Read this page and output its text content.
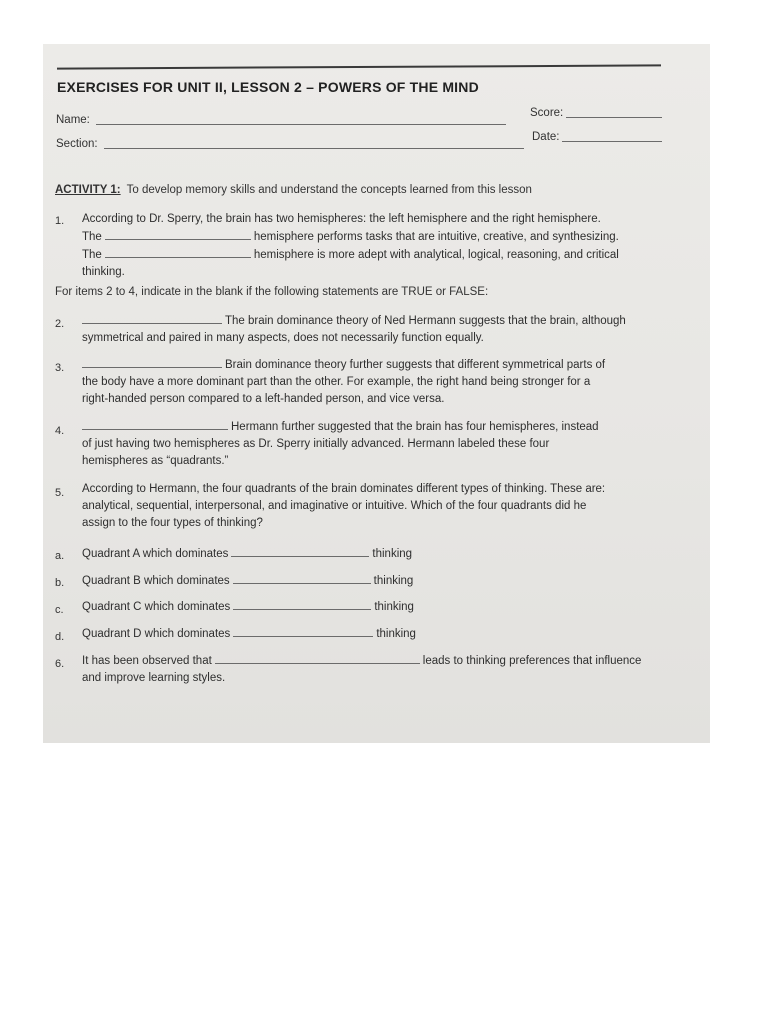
EXERCISES FOR UNIT II, LESSON 2 – POWERS OF THE MIND
Name:
Section:
Score:
Date:
ACTIVITY 1: To develop memory skills and understand the concepts learned from this lesson
1. According to Dr. Sperry, the brain has two hemispheres: the left hemisphere and the right hemisphere.
The	hemisphere performs tasks that are intuitive, creative, and synthesizing.
The	hemisphere is more adept with analytical, logical, reasoning, and critical
thinking.
For items 2 to 4, indicate in the blank if the following statements are TRUE or FALSE:
2.	The brain dominance theory of Ned Hermann suggests that the brain, although
symmetrical and paired in many aspects, does not necessarily function equally.
3.	Brain dominance theory further suggests that different symmetrical parts of
the body have a more dominant part than the other. For example, the right hand being stronger for a
right-handed person compared to a left-handed person, and vice versa.
4.	Hermann further suggested that the brain has four hemispheres, instead
of just having two hemispheres as Dr. Sperry initially advanced. Hermann labeled these four
hemispheres as “quadrants.”
5. According to Hermann, the four quadrants of the brain dominates different types of thinking. These are:
analytical, sequential, interpersonal, and imaginative or intuitive. Which of the four quadrants did he
assign to the four types of thinking?
a. Quadrant A which dominates	thinking
b. Quadrant B which dominates	thinking
c. Quadrant C which dominates	thinking
d. Quadrant D which dominates	thinking
6. It has been observed that	leads to thinking preferences that influence
and improve learning styles.
